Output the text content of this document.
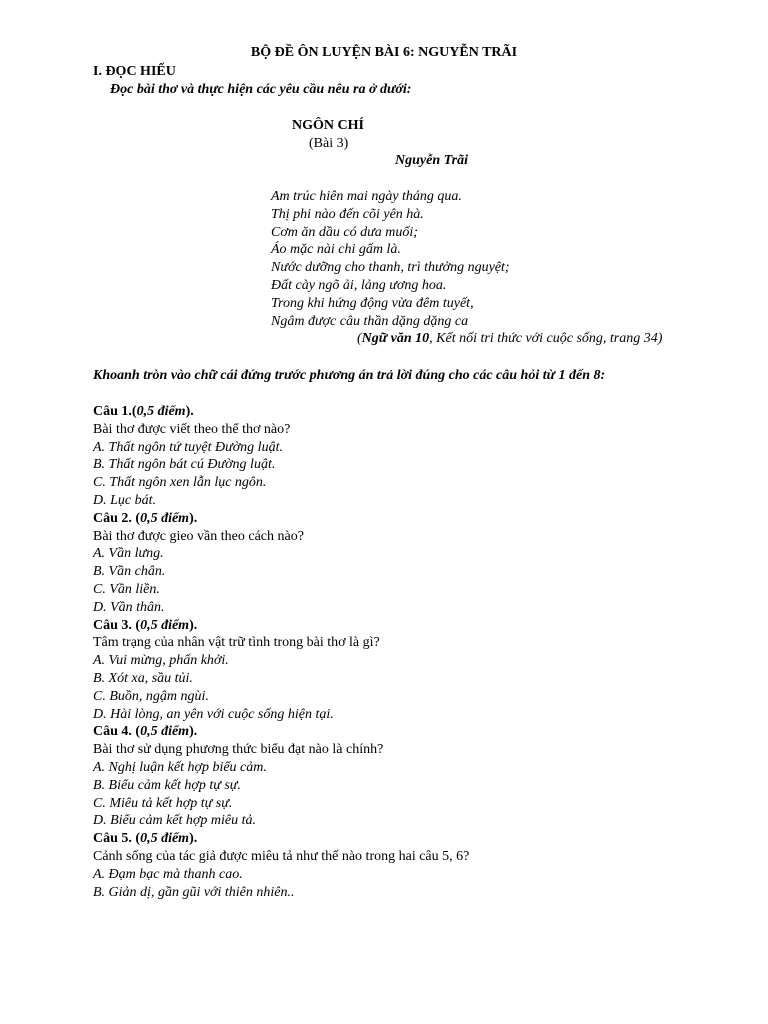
BỘ ĐỀ ÔN LUYỆN BÀI 6: NGUYỄN TRÃI
I. ĐỌC HIỂU
Đọc bài thơ và thực hiện các yêu cầu nêu ra ở dưới:
NGÔN CHÍ
(Bài 3)
Nguyễn Trãi
Am trúc hiên mai ngày tháng qua.
Thị phi nào đến cõi yên hà.
Cơm ăn dầu có dưa muối;
Áo mặc nài chi gấm là.
Nước dưỡng cho thanh, trì thưởng nguyệt;
Đất cày ngõ ải, lảng ương hoa.
Trong khi hứng động vừa đêm tuyết,
Ngâm được câu thần dặng dặng ca
(Ngữ văn 10, Kết nối tri thức với cuộc sống, trang 34)
Khoanh tròn vào chữ cái đứng trước phương án trả lời đúng cho các câu hỏi từ 1 đến 8:
Câu 1.(0,5 điểm).
Bài thơ được viết theo thể thơ nào?
A. Thất ngôn tứ tuyệt Đường luật.
B. Thất ngôn bát cú Đường luật.
C. Thất ngôn xen lẫn lục ngôn.
D. Lục bát.
Câu 2. (0,5 điểm).
Bài thơ được gieo vần theo cách nào?
A. Vần lưng.
B. Vần chân.
C. Vần liền.
D. Vần thân.
Câu 3. (0,5 điểm).
Tâm trạng của nhân vật trữ tình trong bài thơ là gì?
A. Vui mừng, phấn khởi.
B. Xót xa, sầu tủi.
C. Buồn, ngậm ngùi.
D. Hài lòng, an yên với cuộc sống hiện tại.
Câu 4. (0,5 điểm).
Bài thơ sử dụng phương thức biểu đạt nào là chính?
A. Nghị luận kết hợp biểu cảm.
B. Biểu cảm kết hợp tự sự.
C. Miêu tả kết hợp tự sự.
D. Biểu cảm kết hợp miêu tả.
Câu 5. (0,5 điểm).
Cảnh sống của tác giả được miêu tả như thế nào trong hai câu 5, 6?
A. Đạm bạc mà thanh cao.
B. Giản dị, gần gũi với thiên nhiên..
